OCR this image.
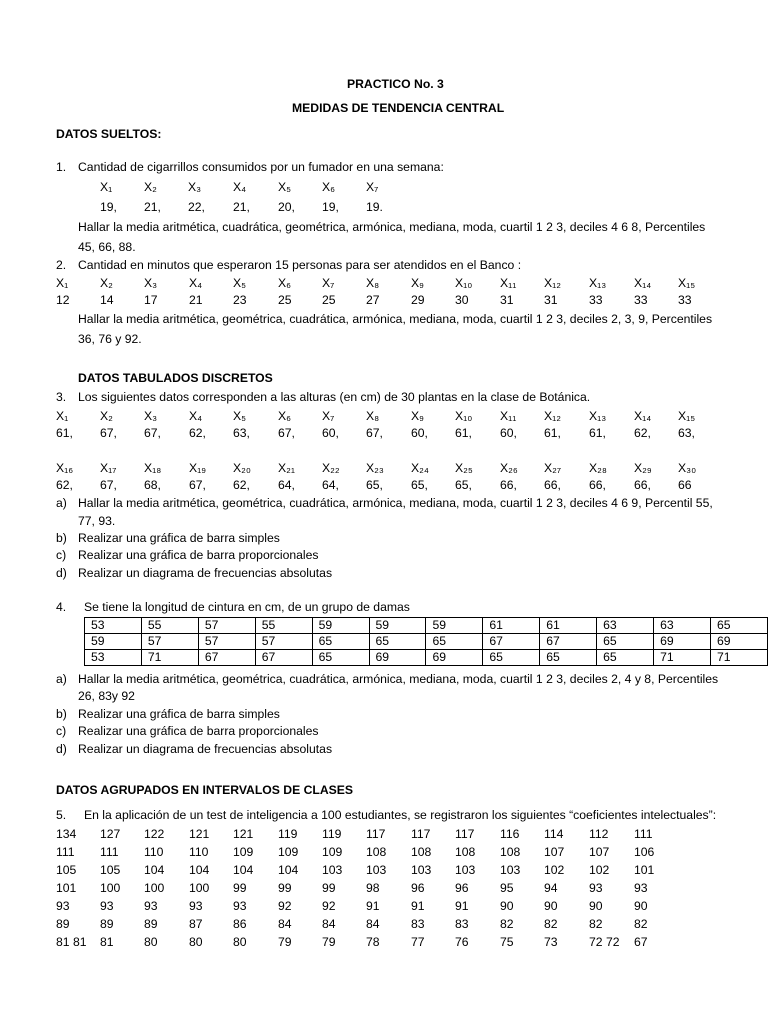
PRACTICO No. 3
MEDIDAS DE TENDENCIA CENTRAL
DATOS SUELTOS:
1. Cantidad de cigarrillos consumidos por un fumador en una semana:
X₁	X₂	X₃	X₄	X₅	X₆	X₇
19, 21, 22, 21, 20, 19, 19.
Hallar la media aritmética, cuadrática, geométrica, armónica, mediana, moda, cuartil 1 2 3, deciles 4 6 8, Percentiles
45, 66, 88.
2. Cantidad en minutos que esperaron 15 personas para ser atendidos en el Banco :
X₁	X₂	X₃	X₄	X₅	X₆	X₇	X₈	X₉	X₁₀ X₁₁ X₁₂ X₁₃ X₁₄ X₁₅
12 14 17	21 23	25 25 27	29 30	31 31	33	33 33
Hallar la media aritmética, geométrica, cuadrática, armónica, mediana, moda, cuartil 1 2 3, deciles 2, 3, 9, Percentiles
36, 76 y 92.
DATOS TABULADOS DISCRETOS
3. Los siguientes datos corresponden a las alturas (en cm) de 30 plantas en la clase de Botánica.
X₁	X₂	X₃	X₄	X₅	X₆	X₇	X₈	X₉	X₁₀ X₁₁ X₁₂ X₁₃ X₁₄ X₁₅
61, 67, 67, 62, 63, 67, 60, 67, 60, 61, 60, 61, 61, 62, 63,
X₁₆ X₁₇ X₁₈ X₁₉ X₂₀ X₂₁ X₂₂ X₂₃ X₂₄ X₂₅ X₂₆ X₂₇ X₂₈ X₂₉ X₃₀
62, 67, 68, 67, 62, 64, 64, 65, 65, 65, 66, 66, 66, 66, 66
a) Hallar la media aritmética, geométrica, cuadrática, armónica, mediana, moda, cuartil 1 2 3, deciles 4 6 9, Percentil 55,
77, 93.
b) Realizar una gráfica de barra simples
c) Realizar una gráfica de barra proporcionales
d) Realizar un diagrama de frecuencias absolutas
4. Se tiene la longitud de cintura en cm, de un grupo de damas
53	55	57	55	59	59	59	61	61	63	63	65
59	57	57	57	65	65	65	67	67	65	69	69
53	71	67	67	65	69	69	65	65	65	71	71
a) Hallar la media aritmética, geométrica, cuadrática, armónica, mediana, moda, cuartil 1 2 3, deciles 2, 4 y 8, Percentiles
26, 83y 92
b) Realizar una gráfica de barra simples
c) Realizar una gráfica de barra proporcionales
d) Realizar un diagrama de frecuencias absolutas
DATOS AGRUPADOS EN INTERVALOS DE CLASES
5. En la aplicación de un test de inteligencia a 100 estudiantes, se registraron los siguientes “coeficientes intelectuales”:
134 127 122 121 121 119 119 117 117 117 116 114 112 111
111 111 110 110 109 109 109 108 108 108 108 107 107 106
105 105 104 104 104 104 103 103 103 103 103 102 102 101
101 100 100 100 99	99 99 98	96 96	95 94	93	93
93 93 93	93 93	92 92 91	91 91	90 90	90	90
89 89 89	87 86	84 84 84	83 83	82 82	82	82
81 81 81 80	80 80	79 79 78	77 76	75 73	72 72 67
